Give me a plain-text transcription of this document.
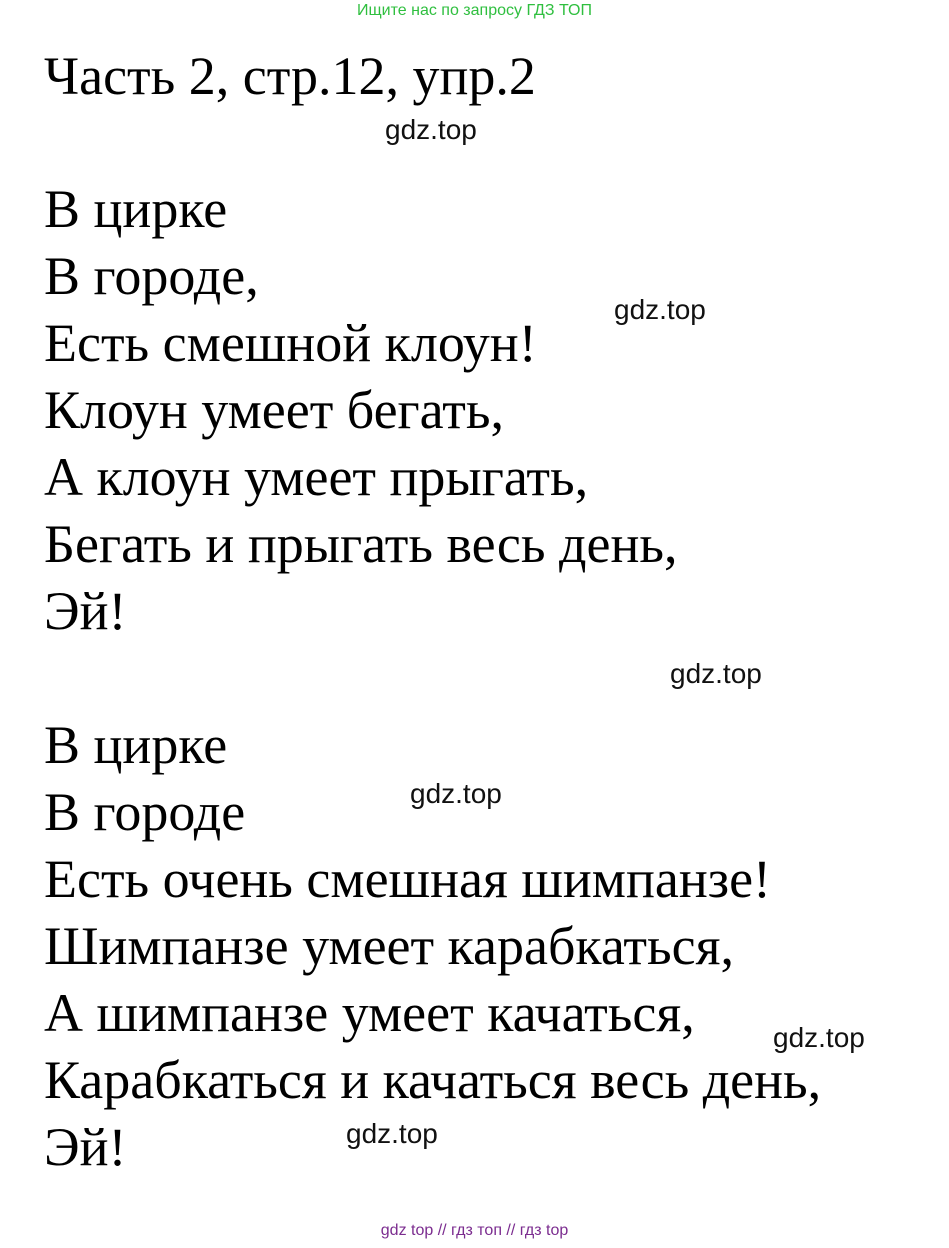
Ищите нас по запросу ГДЗ ТОП
Часть 2, стр.12, упр.2
В цирке
В городе,
Есть смешной клоун!
Клоун умеет бегать,
А клоун умеет прыгать,
Бегать и прыгать весь день,
Эй!
В цирке
В городе
Есть очень смешная шимпанзе!
Шимпанзе умеет карабкаться,
А шимпанзе умеет качаться,
Карабкаться и качаться весь день,
Эй!
gdz.top
gdz.top
gdz.top
gdz.top
gdz.top
gdz.top
gdz top // гдз топ // гдз top
